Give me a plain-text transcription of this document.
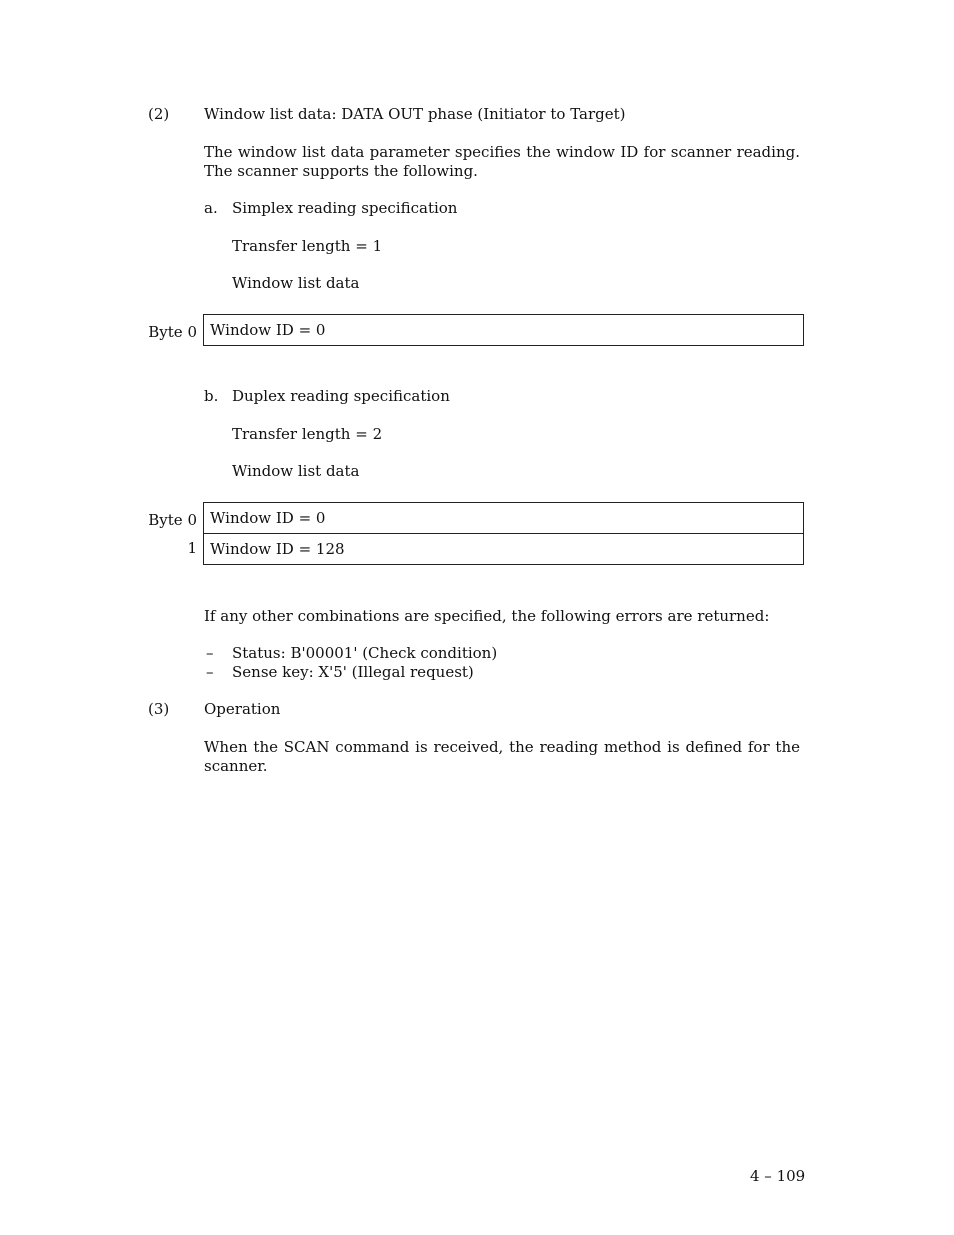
(2) Window list data: DATA OUT phase (Initiator to Target)
The window list data parameter specifies the window ID for scanner reading. The scanner supports the following.
a. Simplex reading specification
Transfer length = 1
Window list data
Byte 0 Window ID = 0
b. Duplex reading specification
Transfer length = 2
Window list data
Byte 0
1
Window ID = 0
Window ID = 128
If any other combinations are specified, the following errors are returned:
– Status: B'00001' (Check condition)
– Sense key: X'5' (Illegal request)
(3) Operation
When the SCAN command is received, the reading method is defined for the scanner.
4 – 109
